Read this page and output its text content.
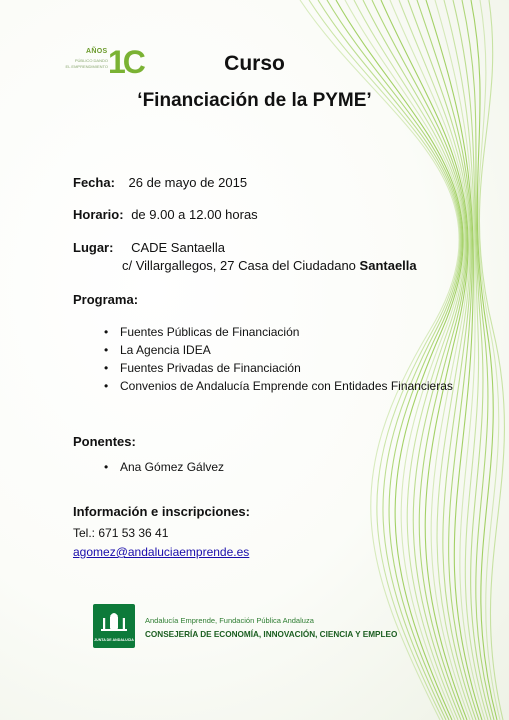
AÑOS
PÚBLICO DANDO
EL EMPRENDIMIENTO 1C	Curso
‘Financiación de la PYME’
Fecha: 26 de mayo de 2015
Horario: de 9.00 a 12.00 horas
Lugar: CADE Santaella
c/ Villargallegos, 27 Casa del Ciudadano Santaella
Programa:
• Fuentes Públicas de Financiación
• La Agencia IDEA
• Fuentes Privadas de Financiación
• Convenios de Andalucía Emprende con Entidades Financieras
Ponentes:
• Ana Gómez Gálvez
Información e inscripciones:
Tel.: 671 53 36 41
agomez@andaluciaemprende.es
JUNTA DE ANDALUCIA
Andalucía Emprende, Fundación Pública Andaluza
CONSEJERÍA DE ECONOMÍA, INNOVACIÓN, CIENCIA Y EMPLEO
